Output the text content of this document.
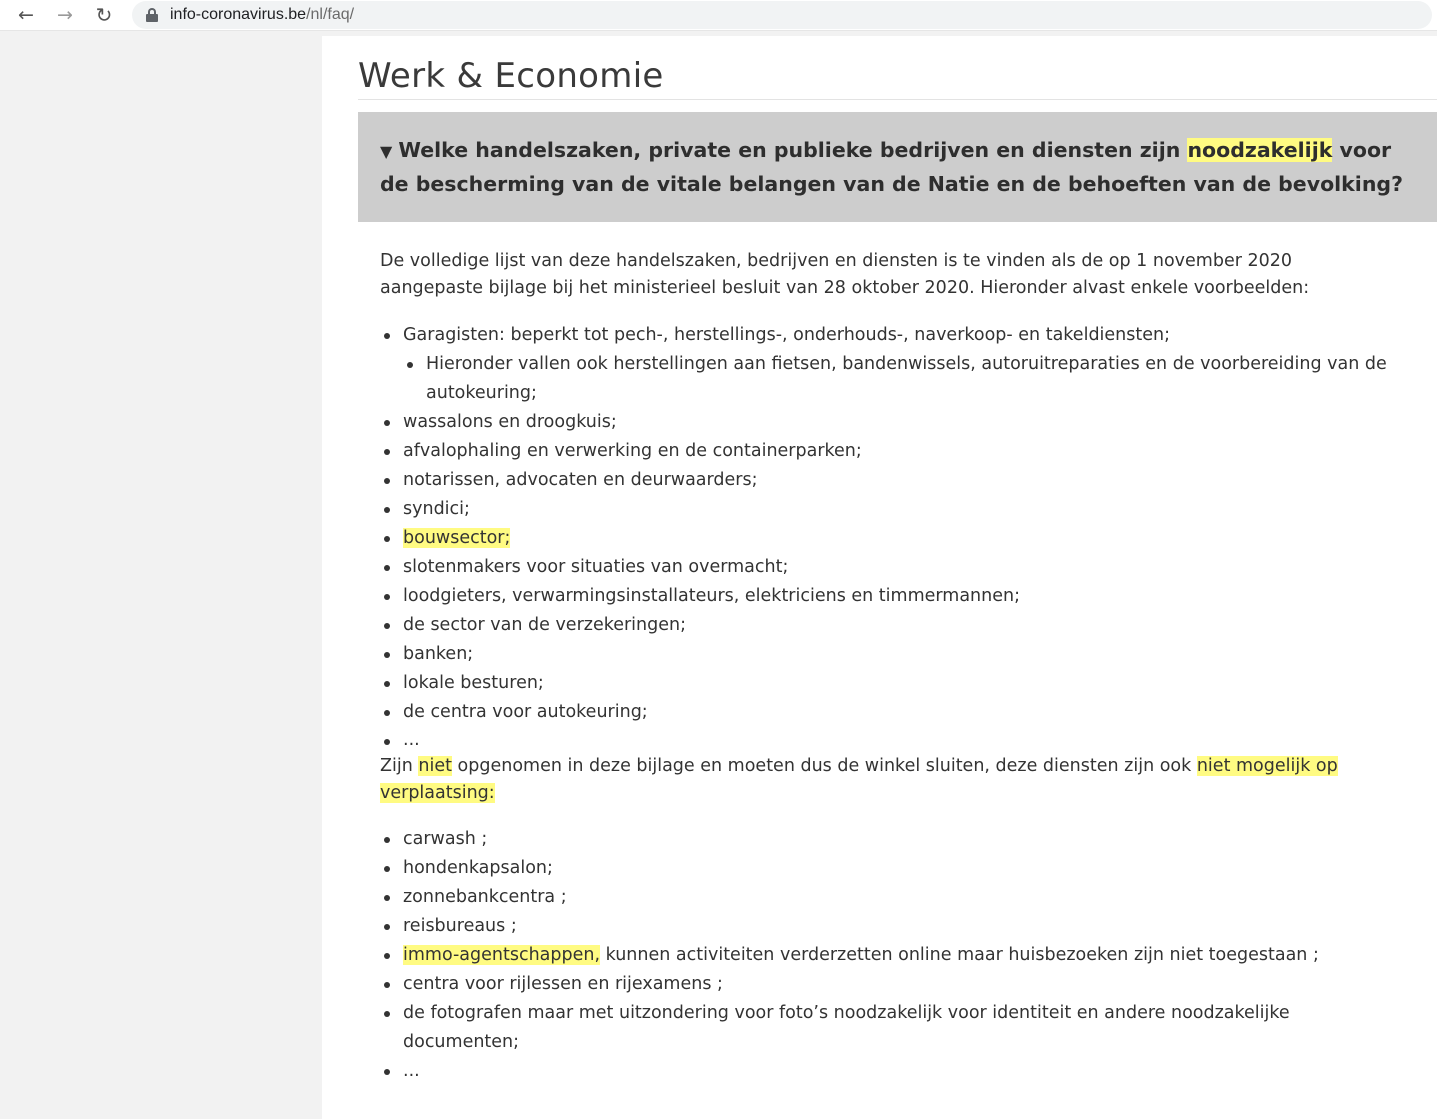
←	→	↻	info-coronavirus.be/nl/faq/
Werk & Economie
▼ Welke handelszaken, private en publieke bedrijven en diensten zijn noodzakelijk voor de bescherming van de vitale belangen van de Natie en de behoeften van de bevolking?

De volledige lijst van deze handelszaken, bedrijven en diensten is te vinden als de op 1 november 2020 aangepaste bijlage bij het ministerieel besluit van 28 oktober 2020. Hieronder alvast enkele voorbeelden:

Garagisten: beperkt tot pech-, herstellings-, onderhouds-, naverkoop- en takeldiensten;
Hieronder vallen ook herstellingen aan fietsen, bandenwissels, autoruitreparaties en de voorbereiding van de autokeuring;
wassalons en droogkuis;
afvalophaling en verwerking en de containerparken;
notarissen, advocaten en deurwaarders;
syndici;
bouwsector;
slotenmakers voor situaties van overmacht;
loodgieters, verwarmingsinstallateurs, elektriciens en timmermannen;
de sector van de verzekeringen;
banken;
lokale besturen;
de centra voor autokeuring;
...

Zijn niet opgenomen in deze bijlage en moeten dus de winkel sluiten, deze diensten zijn ook niet mogelijk op verplaatsing:

carwash ;
hondenkapsalon;
zonnebankcentra ;
reisbureaus ;
immo-agentschappen, kunnen activiteiten verderzetten online maar huisbezoeken zijn niet toegestaan ;
centra voor rijlessen en rijexamens ;
de fotografen maar met uitzondering voor foto’s noodzakelijk voor identiteit en andere noodzakelijke documenten;
...
